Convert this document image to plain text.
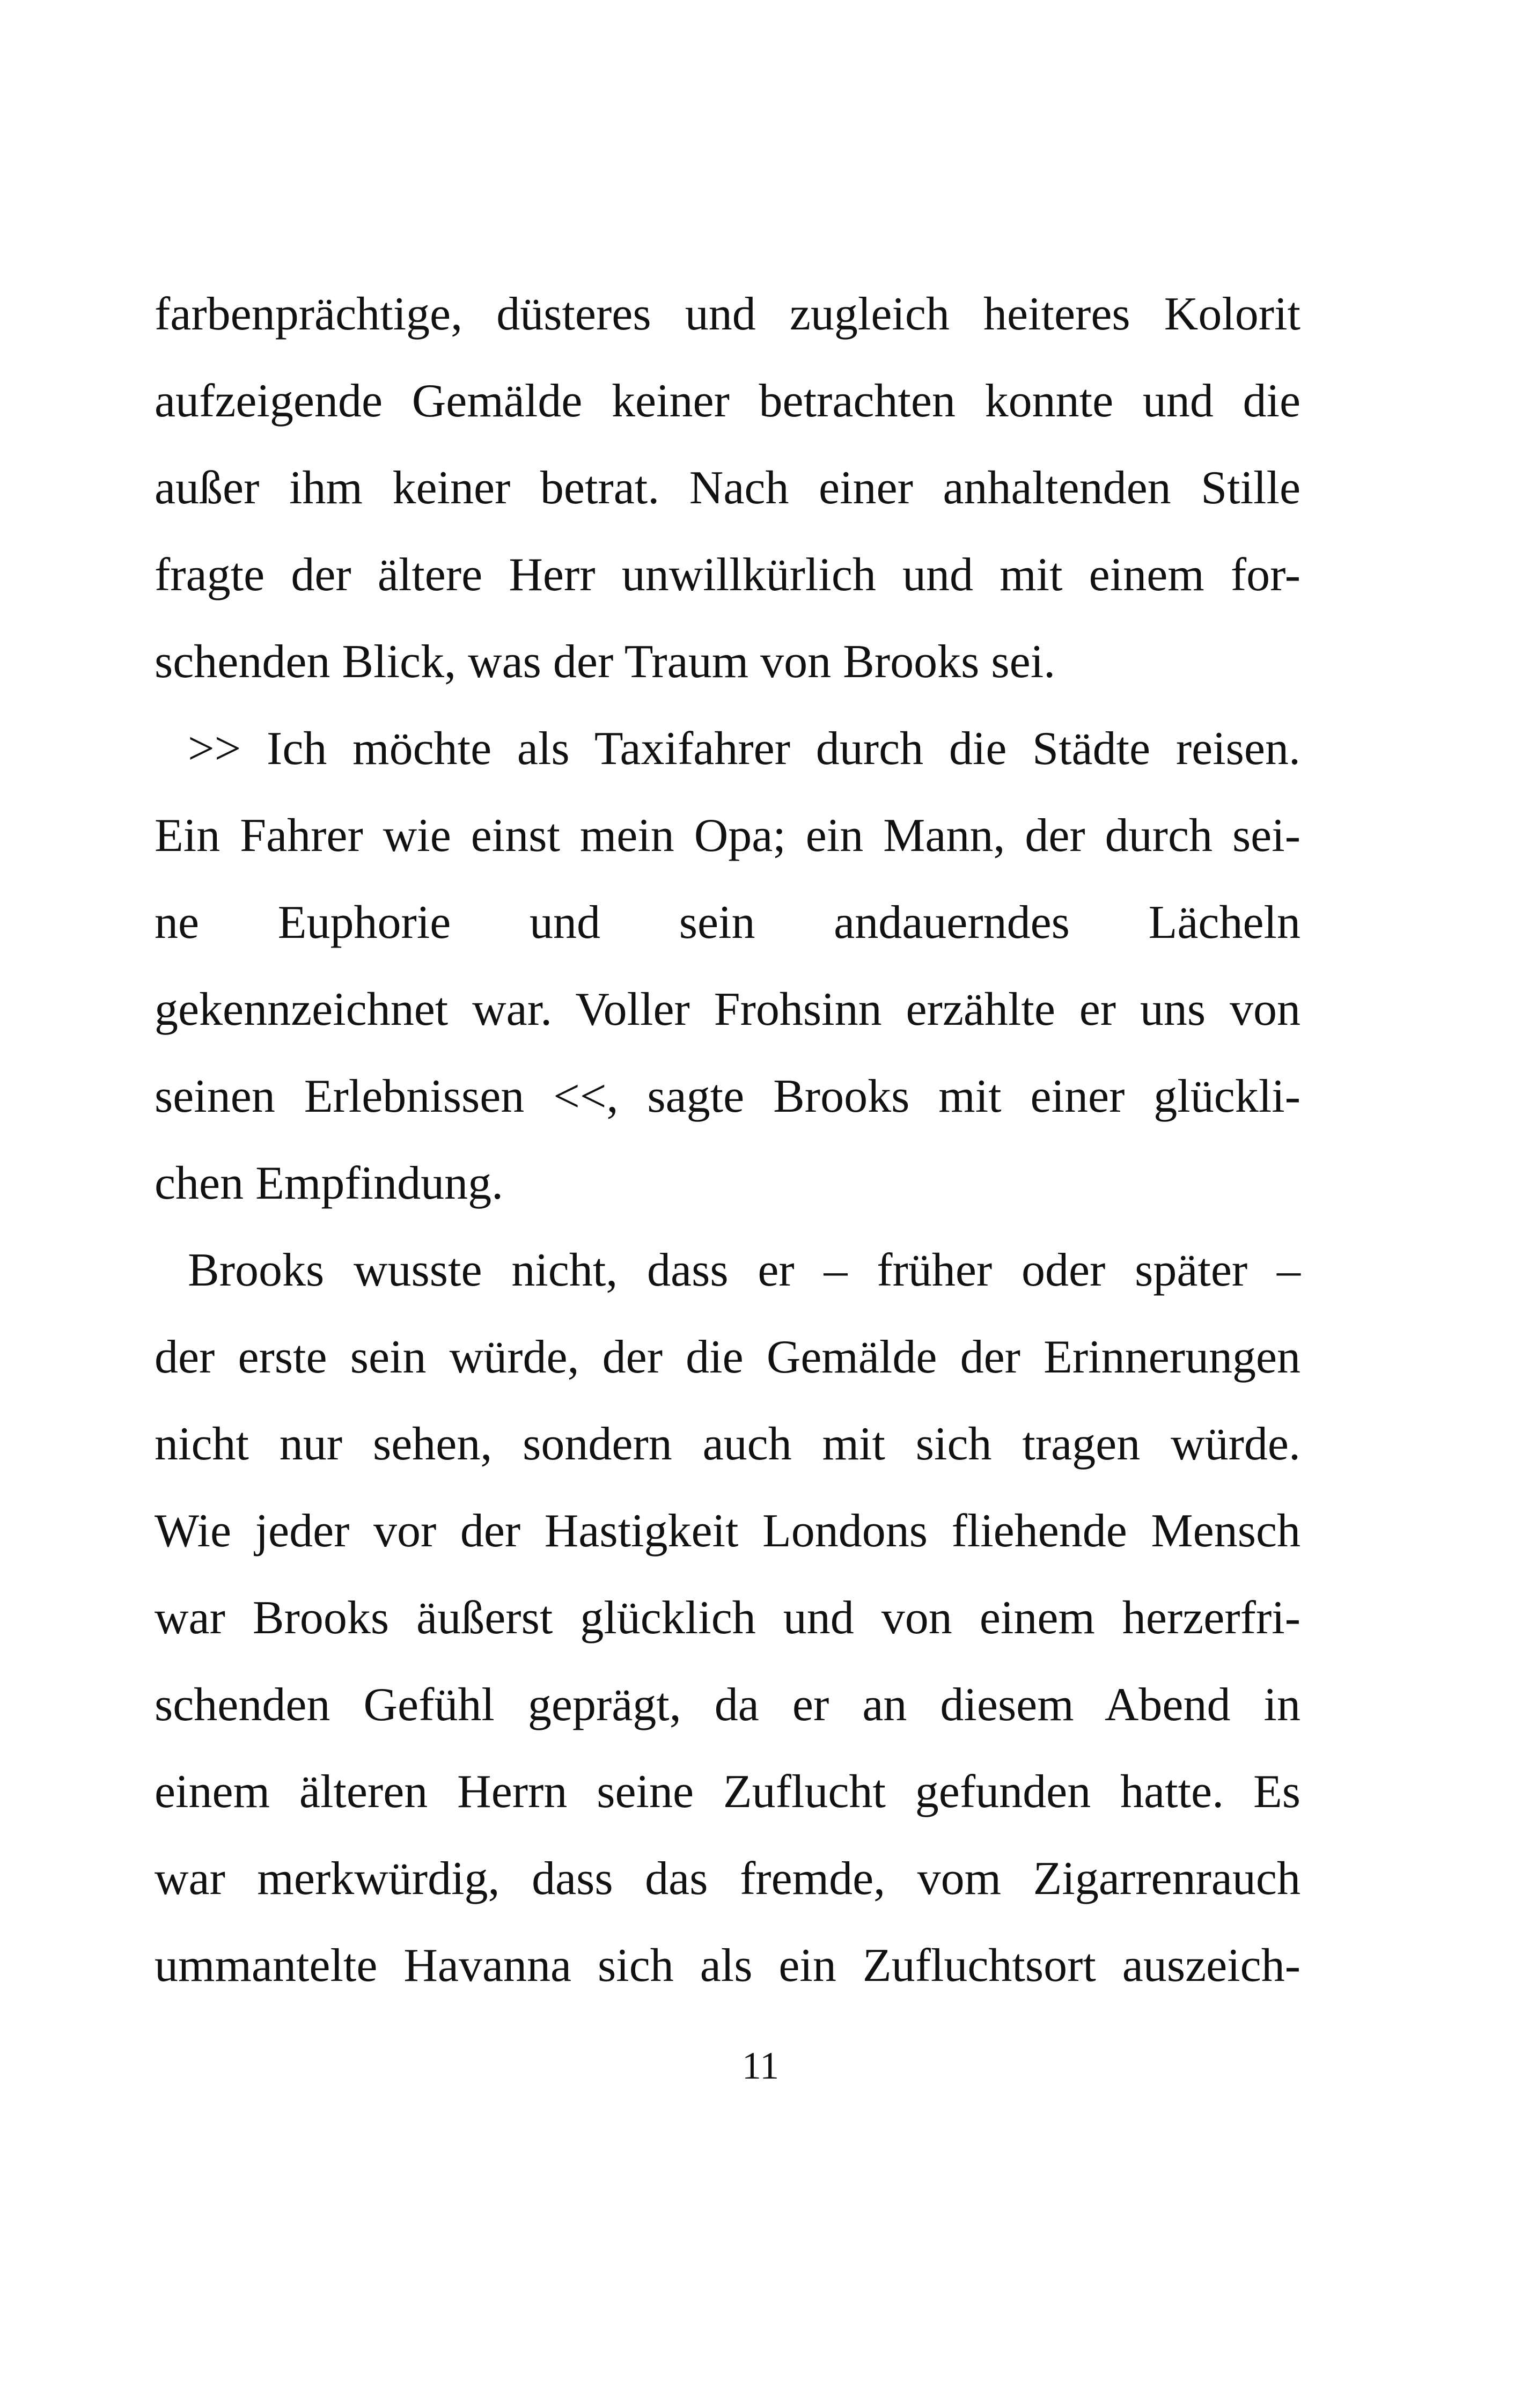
farbenprächtige, düsteres und zugleich heiteres Kolorit
aufzeigende Gemälde keiner betrachten konnte und die
außer ihm keiner betrat. Nach einer anhaltenden Stille
fragte der ältere Herr unwillkürlich und mit einem for-
schenden Blick, was der Traum von Brooks sei.
>> Ich möchte als Taxifahrer durch die Städte reisen.
Ein Fahrer wie einst mein Opa; ein Mann, der durch sei-
ne Euphorie und sein andauerndes Lächeln
gekennzeichnet war. Voller Frohsinn erzählte er uns von
seinen Erlebnissen <<, sagte Brooks mit einer glückli-
chen Empfindung.
Brooks wusste nicht, dass er – früher oder später –
der erste sein würde, der die Gemälde der Erinnerungen
nicht nur sehen, sondern auch mit sich tragen würde.
Wie jeder vor der Hastigkeit Londons fliehende Mensch
war Brooks äußerst glücklich und von einem herzerfri-
schenden Gefühl geprägt, da er an diesem Abend in
einem älteren Herrn seine Zuflucht gefunden hatte. Es
war merkwürdig, dass das fremde, vom Zigarrenrauch
ummantelte Havanna sich als ein Zufluchtsort auszeich-
11
